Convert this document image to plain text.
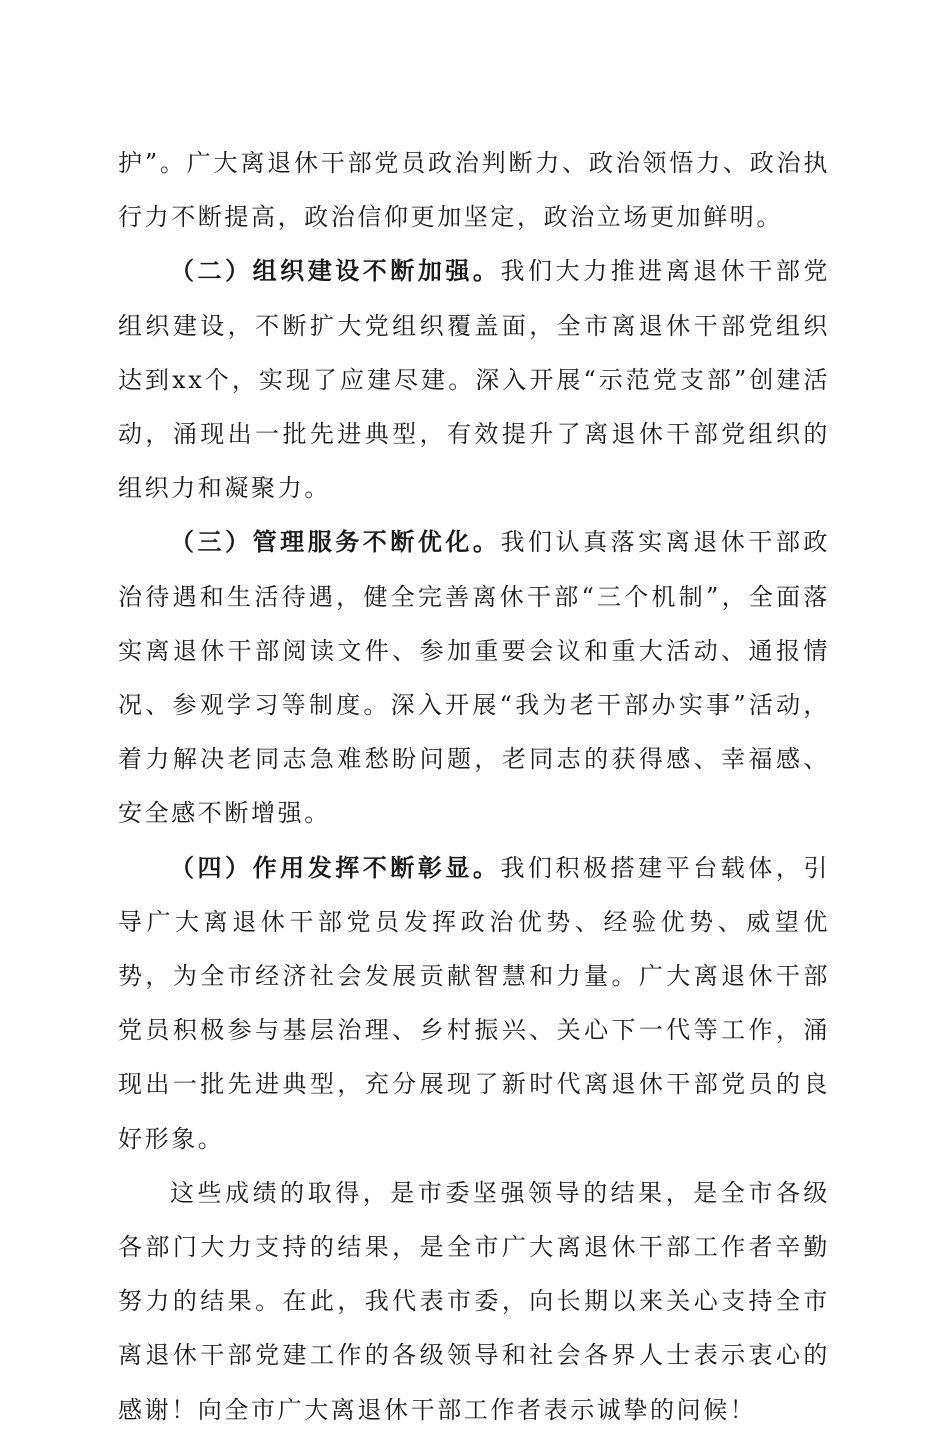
护”。广大离退休干部党员政治判断力、政治领悟力、政治执行力不断提高，政治信仰更加坚定，政治立场更加鲜明。

（二）组织建设不断加强。我们大力推进离退休干部党组织建设，不断扩大党组织覆盖面，全市离退休干部党组织达到xx个，实现了应建尽建。深入开展“示范党支部”创建活动，涌现出一批先进典型，有效提升了离退休干部党组织的组织力和凝聚力。

（三）管理服务不断优化。我们认真落实离退休干部政治待遇和生活待遇，健全完善离休干部“三个机制”，全面落实离退休干部阅读文件、参加重要会议和重大活动、通报情况、参观学习等制度。深入开展“我为老干部办实事”活动，着力解决老同志急难愁盼问题，老同志的获得感、幸福感、安全感不断增强。

（四）作用发挥不断彰显。我们积极搭建平台载体，引导广大离退休干部党员发挥政治优势、经验优势、威望优势，为全市经济社会发展贡献智慧和力量。广大离退休干部党员积极参与基层治理、乡村振兴、关心下一代等工作，涌现出一批先进典型，充分展现了新时代离退休干部党员的良好形象。

这些成绩的取得，是市委坚强领导的结果，是全市各级各部门大力支持的结果，是全市广大离退休干部工作者辛勤努力的结果。在此，我代表市委，向长期以来关心支持全市离退休干部党建工作的各级领导和社会各界人士表示衷心的感谢！向全市广大离退休干部工作者表示诚挚的问候！
